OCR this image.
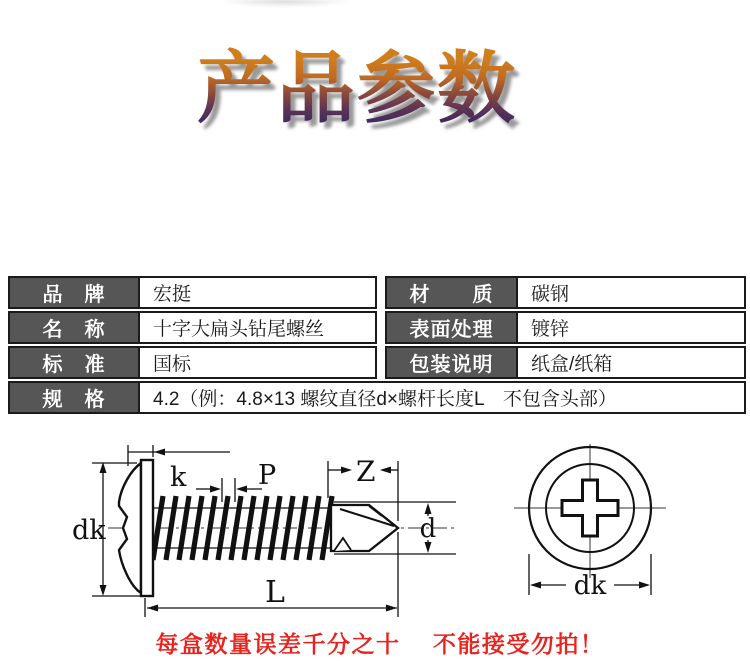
产品参数
品　牌	宏挺	材　　质	碳钢
名　称	十字大扁头钻尾螺丝	表面处理	镀锌
标　准	国标	包装说明	纸盒/纸箱
规　格	4.2（例：4.8×13 螺纹直径d×螺杆长度L　不包含头部）
dk
k	P	Z
d
L	dk
每盒数量误差千分之十　 不能接受勿拍！
